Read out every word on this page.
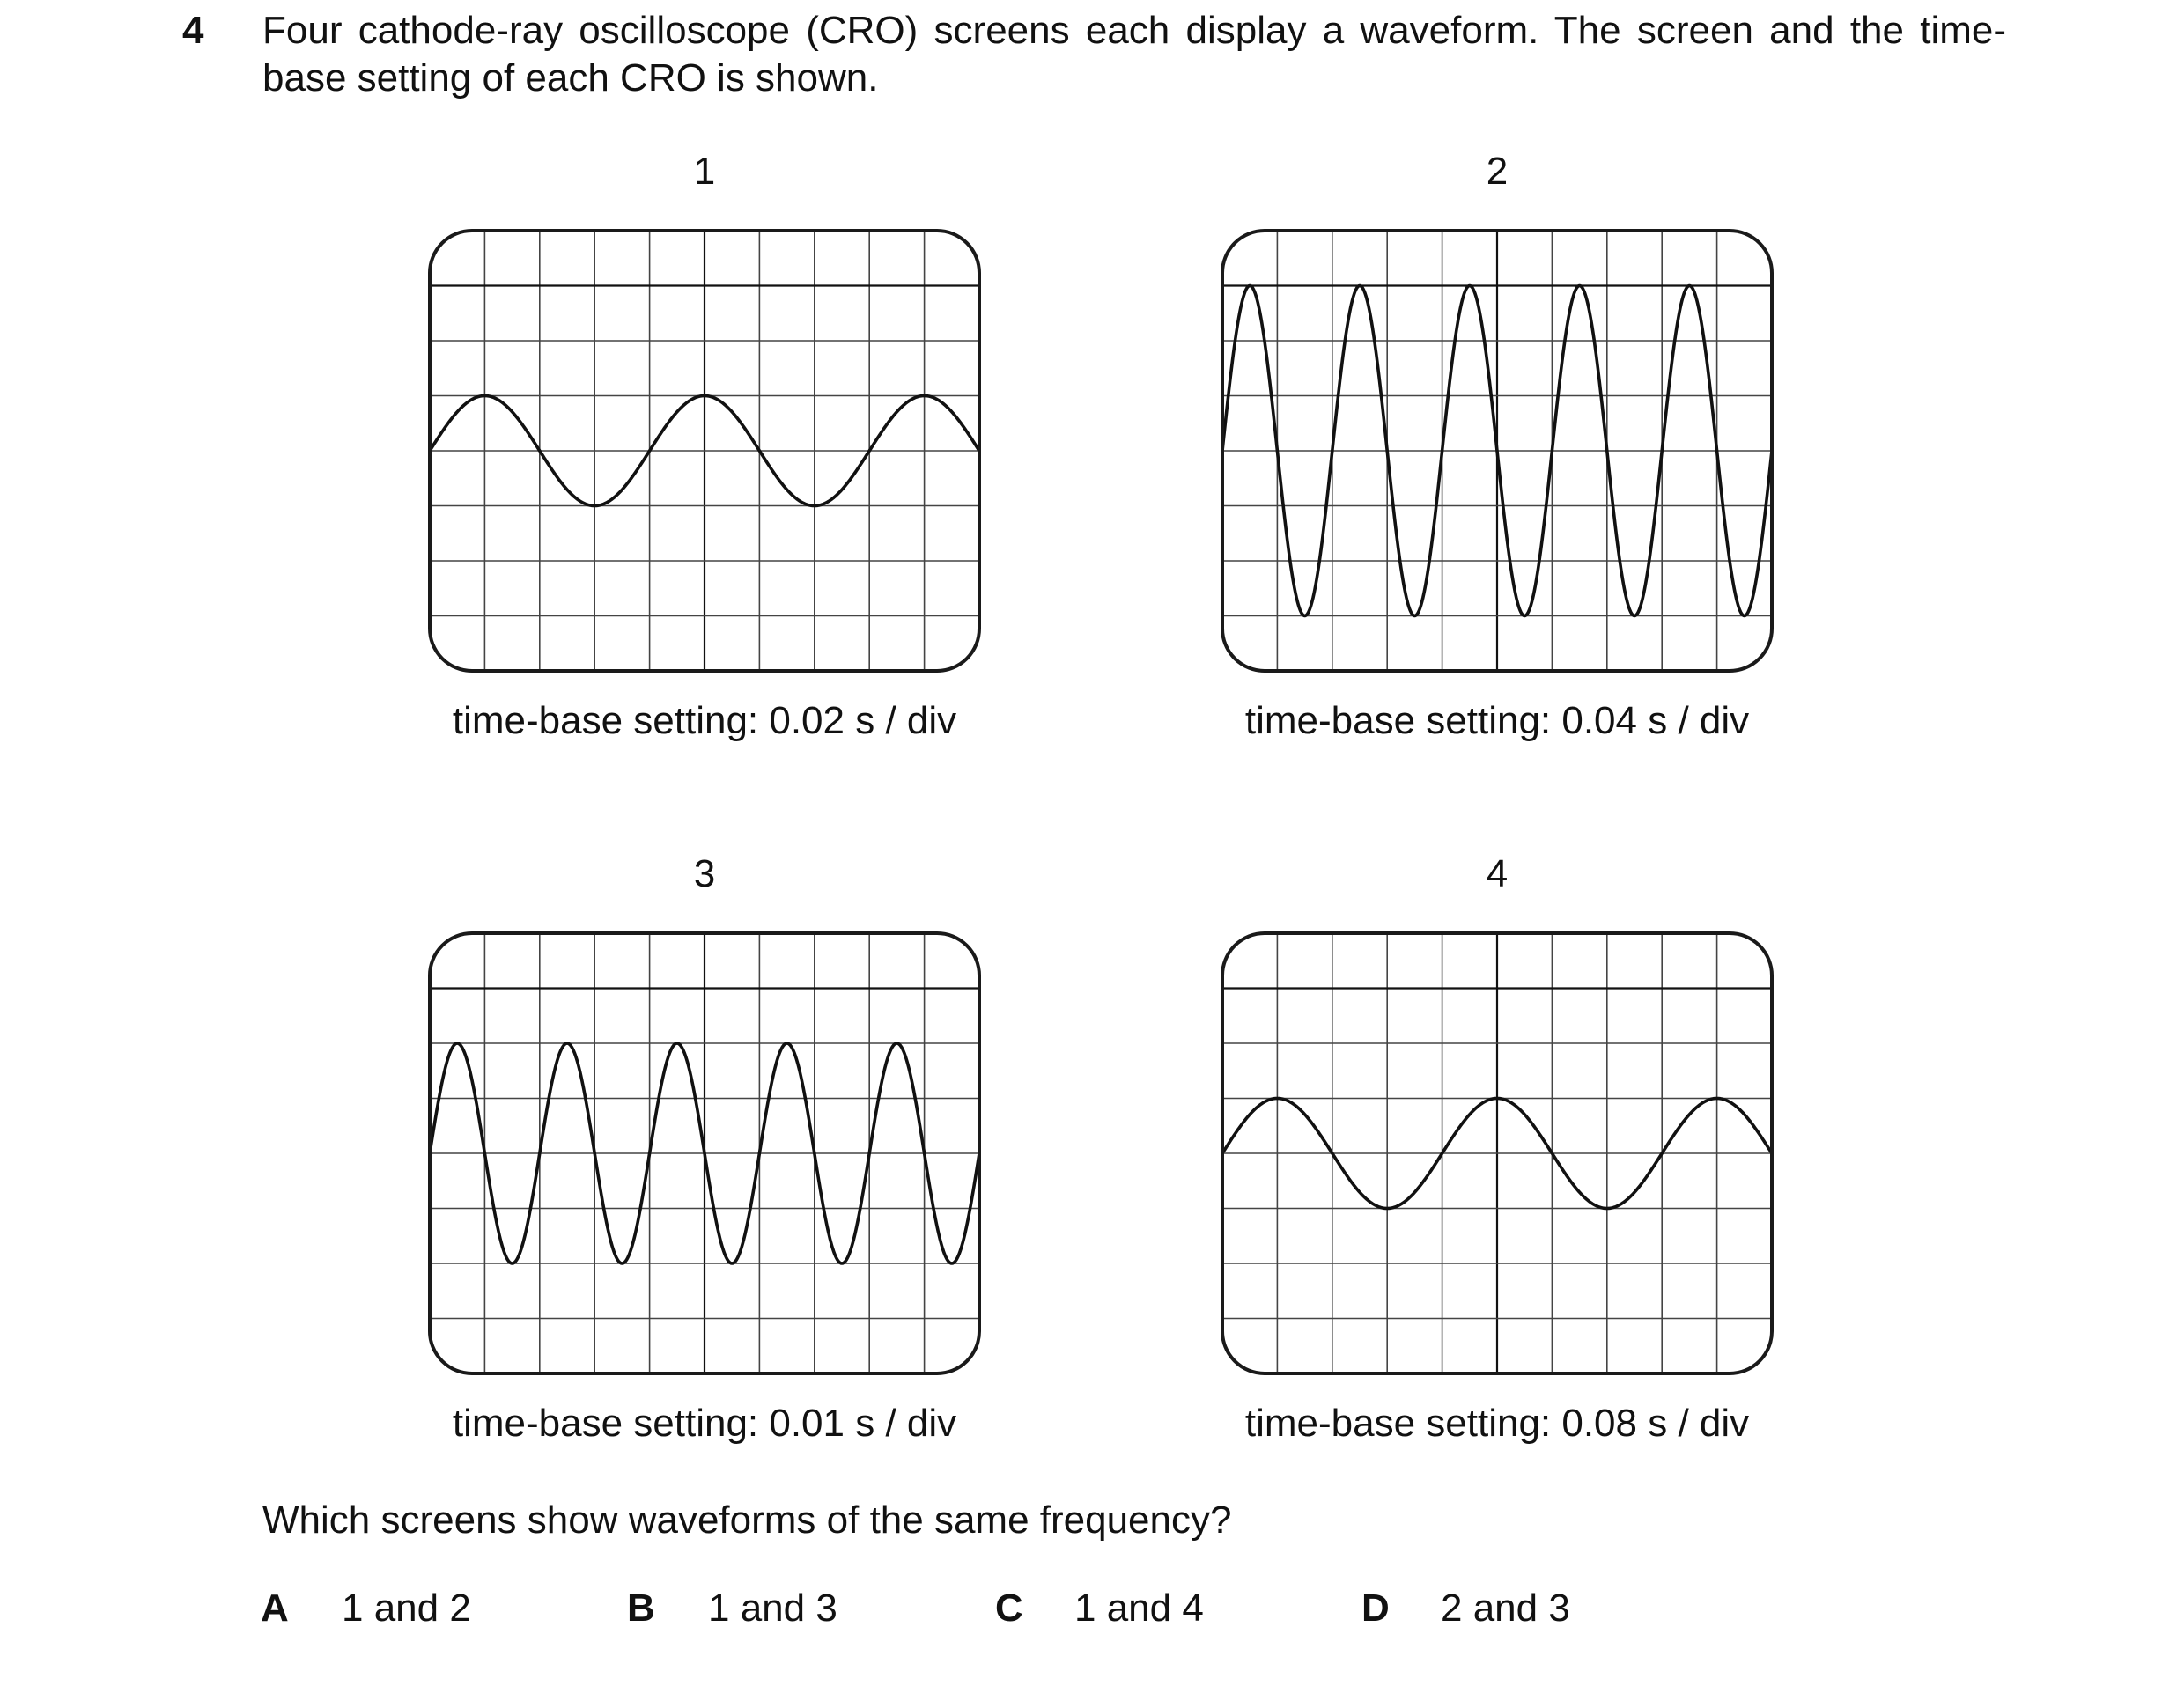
4 Four cathode-ray oscilloscope (CRO) screens each display a waveform. The screen and the time-base setting of each CRO is shown.
1
time-base setting: 0.02 s / div
2
time-base setting: 0.04 s / div
3
time-base setting: 0.01 s / div
4
time-base setting: 0.08 s / div
Which screens show waveforms of the same frequency?
A 1 and 2	B 1 and 3	C 1 and 4	D 2 and 3
